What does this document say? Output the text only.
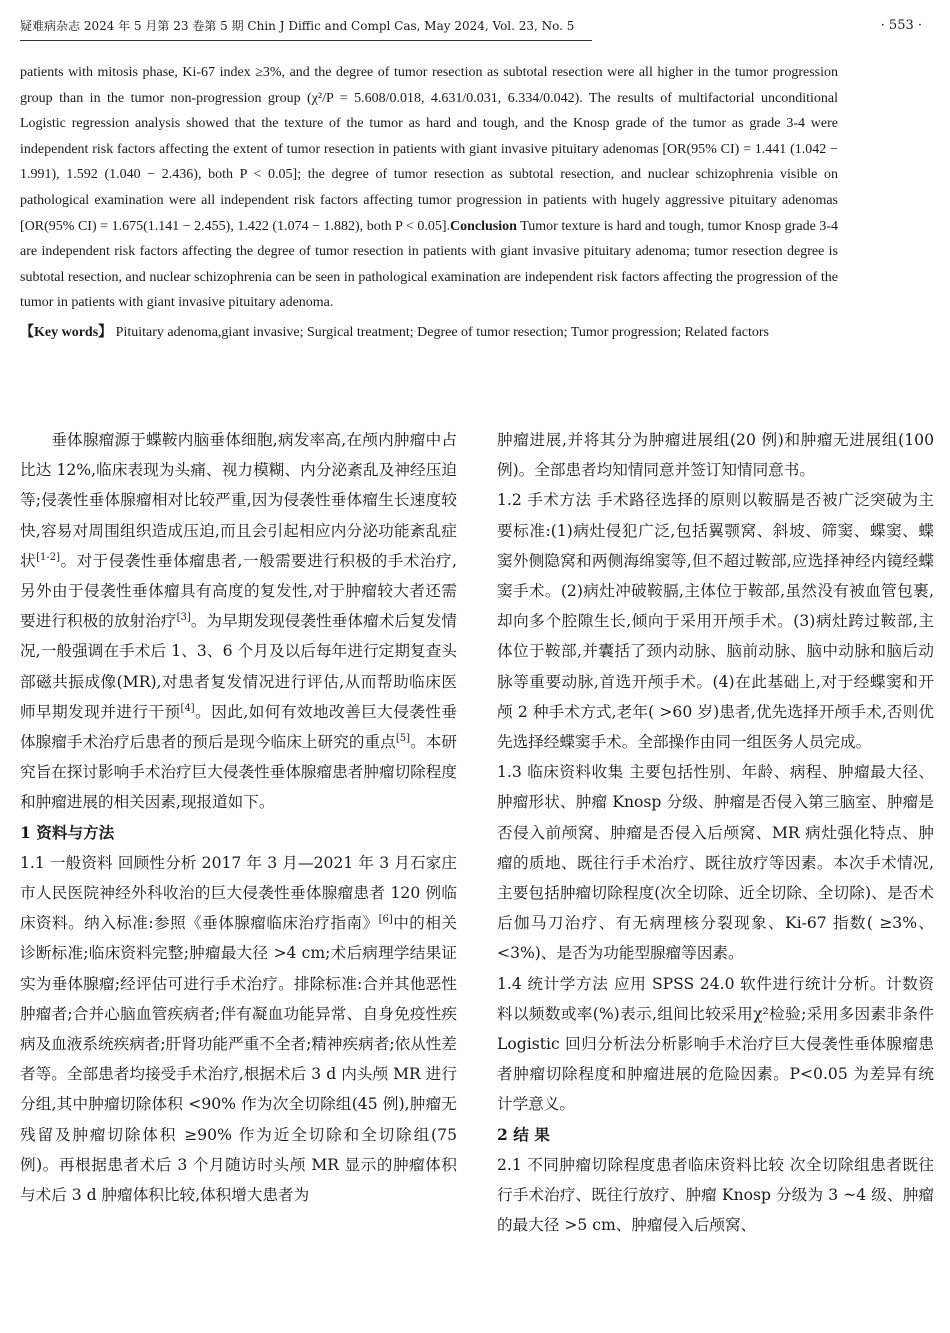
疑难病杂志 2024 年 5 月第 23 卷第 5 期 Chin J Diffic and Compl Cas, May 2024, Vol. 23, No. 5	· 553 ·

patients with mitosis phase, Ki-67 index ≥3%, and the degree of tumor resection as subtotal resection were all higher in the tumor progression group than in the tumor non-progression group (χ²/P = 5.608/0.018, 4.631/0.031, 6.334/0.042). The results of multifactorial unconditional Logistic regression analysis showed that the texture of the tumor as hard and tough, and the Knosp grade of the tumor as grade 3-4 were independent risk factors affecting the extent of tumor resection in patients with giant invasive pituitary adenomas [OR(95% CI) = 1.441 (1.042 − 1.991), 1.592 (1.040 − 2.436), both P < 0.05]; the degree of tumor resection as subtotal resection, and nuclear schizophrenia visible on pathological examination were all independent risk factors affecting tumor progression in patients with hugely aggressive pituitary adenomas [OR(95% CI) = 1.675(1.141 − 2.455), 1.422 (1.074 − 1.882), both P < 0.05].Conclusion Tumor texture is hard and tough, tumor Knosp grade 3-4 are independent risk factors affecting the degree of tumor resection in patients with giant invasive pituitary adenoma; tumor resection degree is subtotal resection, and nuclear schizophrenia can be seen in pathological examination are independent risk factors affecting the progression of the tumor in patients with giant invasive pituitary adenoma.

【Key words】 Pituitary adenoma,giant invasive; Surgical treatment; Degree of tumor resection; Tumor progression; Related factors

垂体腺瘤源于蝶鞍内脑垂体细胞,病发率高,在颅内肿瘤中占比达 12%,临床表现为头痛、视力模糊、内分泌紊乱及神经压迫等;侵袭性垂体腺瘤相对比较严重,因为侵袭性垂体瘤生长速度较快,容易对周围组织造成压迫,而且会引起相应内分泌功能紊乱症状[1-2]。对于侵袭性垂体瘤患者,一般需要进行积极的手术治疗,另外由于侵袭性垂体瘤具有高度的复发性,对于肿瘤较大者还需要进行积极的放射治疗[3]。为早期发现侵袭性垂体瘤术后复发情况,一般强调在手术后 1、3、6 个月及以后每年进行定期复查头部磁共振成像(MR),对患者复发情况进行评估,从而帮助临床医师早期发现并进行干预[4]。因此,如何有效地改善巨大侵袭性垂体腺瘤手术治疗后患者的预后是现今临床上研究的重点[5]。本研究旨在探讨影响手术治疗巨大侵袭性垂体腺瘤患者肿瘤切除程度和肿瘤进展的相关因素,现报道如下。

1 资料与方法

1.1 一般资料 回顾性分析 2017 年 3 月—2021 年 3 月石家庄市人民医院神经外科收治的巨大侵袭性垂体腺瘤患者 120 例临床资料。纳入标准:参照《垂体腺瘤临床治疗指南》[6]中的相关诊断标准;临床资料完整;肿瘤最大径 >4 cm;术后病理学结果证实为垂体腺瘤;经评估可进行手术治疗。排除标准:合并其他恶性肿瘤者;合并心脑血管疾病者;伴有凝血功能异常、自身免疫性疾病及血液系统疾病者;肝肾功能严重不全者;精神疾病者;依从性差者等。全部患者均接受手术治疗,根据术后 3 d 内头颅 MR 进行分组,其中肿瘤切除体积 <90% 作为次全切除组(45 例),肿瘤无残留及肿瘤切除体积 ≥90% 作为近全切除和全切除组(75 例)。再根据患者术后 3 个月随访时头颅 MR 显示的肿瘤体积与术后 3 d 肿瘤体积比较,体积增大患者为

肿瘤进展,并将其分为肿瘤进展组(20 例)和肿瘤无进展组(100 例)。全部患者均知情同意并签订知情同意书。

1.2 手术方法 手术路径选择的原则以鞍膈是否被广泛突破为主要标准:(1)病灶侵犯广泛,包括翼颚窝、斜坡、筛窦、蝶窦、蝶窦外侧隐窝和两侧海绵窦等,但不超过鞍部,应选择神经内镜经蝶窦手术。(2)病灶冲破鞍膈,主体位于鞍部,虽然没有被血管包裹,却向多个腔隙生长,倾向于采用开颅手术。(3)病灶跨过鞍部,主体位于鞍部,并囊括了颈内动脉、脑前动脉、脑中动脉和脑后动脉等重要动脉,首选开颅手术。(4)在此基础上,对于经蝶窦和开颅 2 种手术方式,老年( >60 岁)患者,优先选择开颅手术,否则优先选择经蝶窦手术。全部操作由同一组医务人员完成。

1.3 临床资料收集 主要包括性别、年龄、病程、肿瘤最大径、肿瘤形状、肿瘤 Knosp 分级、肿瘤是否侵入第三脑室、肿瘤是否侵入前颅窝、肿瘤是否侵入后颅窝、MR 病灶强化特点、肿瘤的质地、既往行手术治疗、既往放疗等因素。本次手术情况,主要包括肿瘤切除程度(次全切除、近全切除、全切除)、是否术后伽马刀治疗、有无病理核分裂现象、Ki-67 指数( ≥3%、<3%)、是否为功能型腺瘤等因素。

1.4 统计学方法 应用 SPSS 24.0 软件进行统计分析。计数资料以频数或率(%)表示,组间比较采用χ²检验;采用多因素非条件 Logistic 回归分析法分析影响手术治疗巨大侵袭性垂体腺瘤患者肿瘤切除程度和肿瘤进展的危险因素。P<0.05 为差异有统计学意义。

2 结 果

2.1 不同肿瘤切除程度患者临床资料比较 次全切除组患者既往行手术治疗、既往行放疗、肿瘤 Knosp 分级为 3 ~4 级、肿瘤的最大径 >5 cm、肿瘤侵入后颅窝、
